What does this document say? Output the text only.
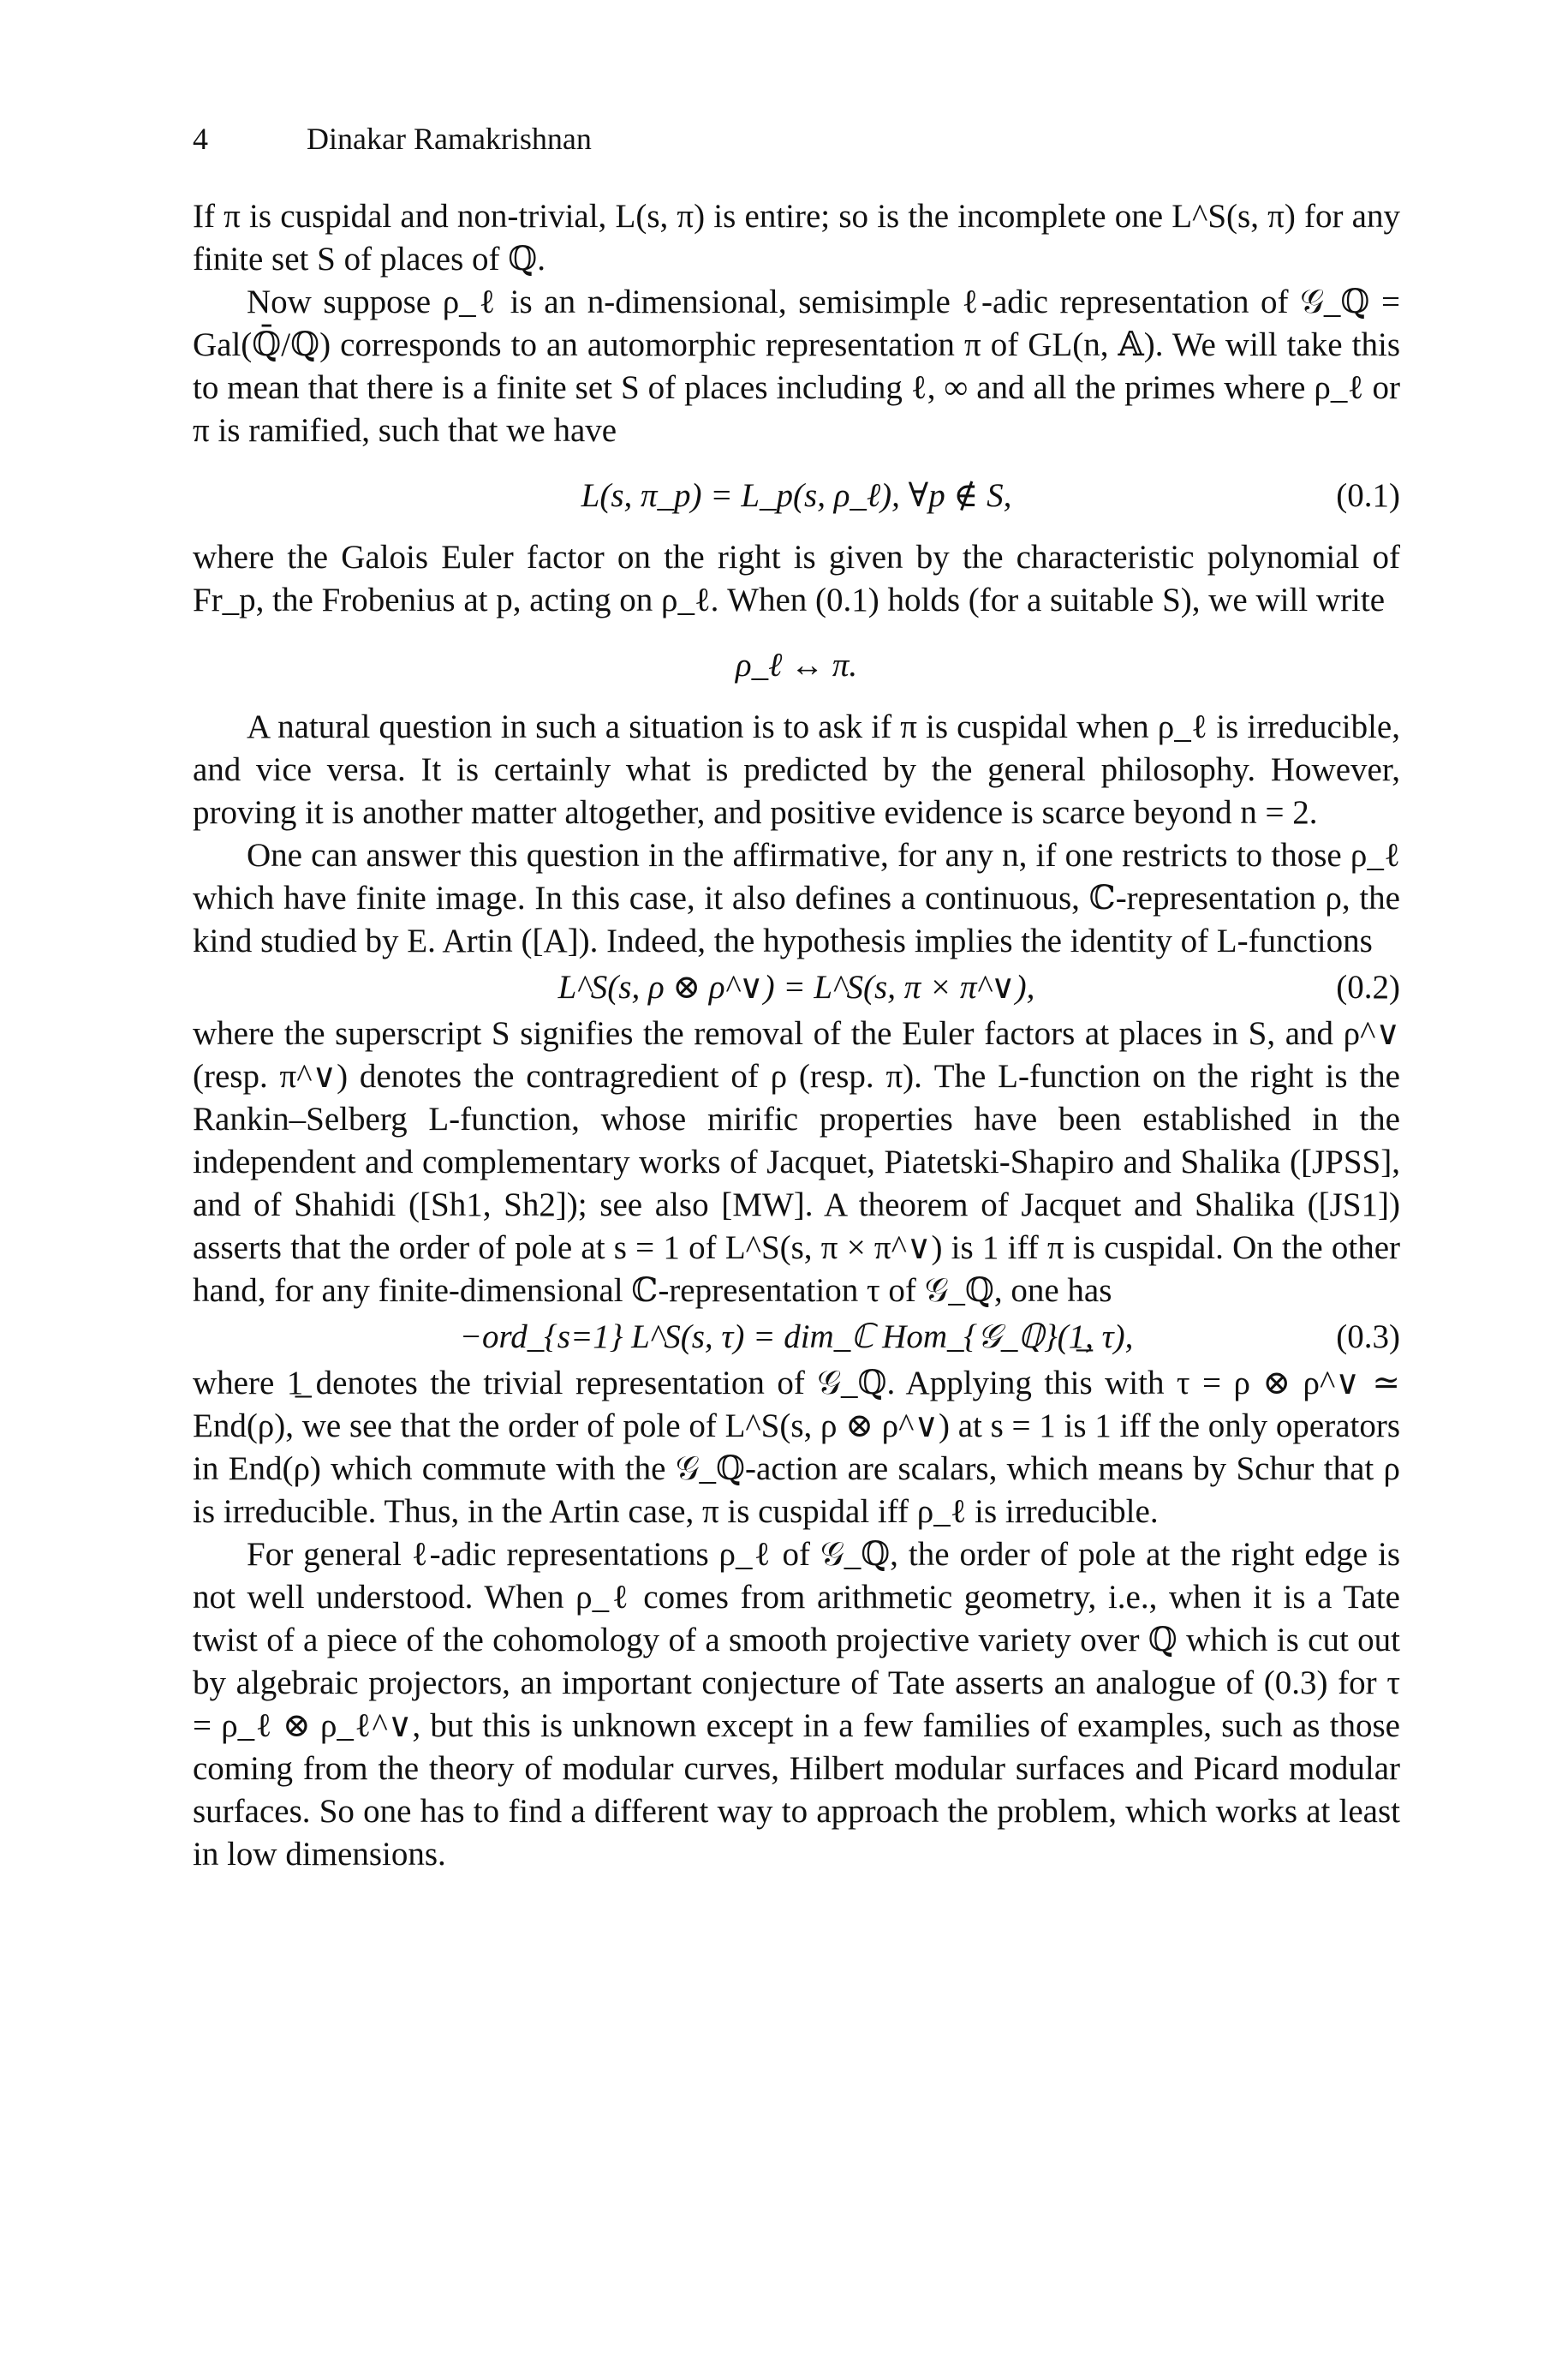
4	Dinakar Ramakrishnan

If π is cuspidal and non-trivial, L(s, π) is entire; so is the incomplete one L^S(s, π) for any finite set S of places of ℚ.

Now suppose ρ_ℓ is an n-dimensional, semisimple ℓ-adic representation of 𝒢_ℚ = Gal(ℚ̄/ℚ) corresponds to an automorphic representation π of GL(n, 𝔸). We will take this to mean that there is a finite set S of places including ℓ, ∞ and all the primes where ρ_ℓ or π is ramified, such that we have

L(s, π_p) = L_p(s, ρ_ℓ), ∀p ∉ S,	(0.1)

where the Galois Euler factor on the right is given by the characteristic polynomial of Fr_p, the Frobenius at p, acting on ρ_ℓ. When (0.1) holds (for a suitable S), we will write

ρ_ℓ ↔ π.

A natural question in such a situation is to ask if π is cuspidal when ρ_ℓ is irreducible, and vice versa. It is certainly what is predicted by the general philosophy. However, proving it is another matter altogether, and positive evidence is scarce beyond n = 2.

One can answer this question in the affirmative, for any n, if one restricts to those ρ_ℓ which have finite image. In this case, it also defines a continuous, ℂ-representation ρ, the kind studied by E. Artin ([A]). Indeed, the hypothesis implies the identity of L-functions

L^S(s, ρ ⊗ ρ^∨) = L^S(s, π × π^∨),	(0.2)

where the superscript S signifies the removal of the Euler factors at places in S, and ρ^∨ (resp. π^∨) denotes the contragredient of ρ (resp. π). The L-function on the right is the Rankin–Selberg L-function, whose mirific properties have been established in the independent and complementary works of Jacquet, Piatetski-Shapiro and Shalika ([JPSS], and of Shahidi ([Sh1, Sh2]); see also [MW]. A theorem of Jacquet and Shalika ([JS1]) asserts that the order of pole at s = 1 of L^S(s, π × π^∨) is 1 iff π is cuspidal. On the other hand, for any finite-dimensional ℂ-representation τ of 𝒢_ℚ, one has

−ord_{s=1} L^S(s, τ) = dim_ℂ Hom_{𝒢_ℚ}(1̲, τ),	(0.3)

where 1̲ denotes the trivial representation of 𝒢_ℚ. Applying this with τ = ρ ⊗ ρ^∨ ≃ End(ρ), we see that the order of pole of L^S(s, ρ ⊗ ρ^∨) at s = 1 is 1 iff the only operators in End(ρ) which commute with the 𝒢_ℚ-action are scalars, which means by Schur that ρ is irreducible. Thus, in the Artin case, π is cuspidal iff ρ_ℓ is irreducible.

For general ℓ-adic representations ρ_ℓ of 𝒢_ℚ, the order of pole at the right edge is not well understood. When ρ_ℓ comes from arithmetic geometry, i.e., when it is a Tate twist of a piece of the cohomology of a smooth projective variety over ℚ which is cut out by algebraic projectors, an important conjecture of Tate asserts an analogue of (0.3) for τ = ρ_ℓ ⊗ ρ_ℓ^∨, but this is unknown except in a few families of examples, such as those coming from the theory of modular curves, Hilbert modular surfaces and Picard modular surfaces. So one has to find a different way to approach the problem, which works at least in low dimensions.
